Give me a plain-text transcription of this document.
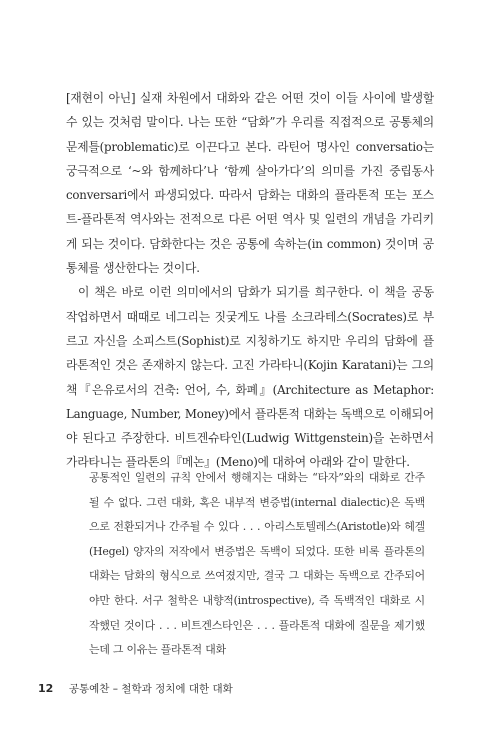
[재현이 아닌] 실재 차원에서 대화와 같은 어떤 것이 이들 사이에 발생할 수 있는 것처럼 말이다. 나는 또한 “담화”가 우리를 직접적으로 공통체의 문제틀(problematic)로 이끈다고 본다. 라틴어 명사인 conversatio는 궁극적으로 ‘~와 함께하다’나 ‘함께 살아가다’의 의미를 가진 중립동사 conversari에서 파생되었다. 따라서 담화는 대화의 플라톤적 또는 포스트-플라톤적 역사와는 전적으로 다른 어떤 역사 및 일련의 개념을 가리키게 되는 것이다. 담화한다는 것은 공통에 속하는(in common) 것이며 공통체를 생산한다는 것이다.

이 책은 바로 이런 의미에서의 담화가 되기를 희구한다. 이 책을 공동 작업하면서 때때로 네그리는 짓궂게도 나를 소크라테스(Socrates)로 부르고 자신을 소피스트(Sophist)로 지칭하기도 하지만 우리의 담화에 플라톤적인 것은 존재하지 않는다. 고진 가라타니(Kojin Karatani)는 그의 책『은유로서의 건축: 언어, 수, 화폐』(Architecture as Metaphor: Language, Number, Money)에서 플라톤적 대화는 독백으로 이해되어야 된다고 주장한다. 비트겐슈타인(Ludwig Wittgenstein)을 논하면서 가라타니는 플라톤의『메논』(Meno)에 대하여 아래와 같이 말한다.

공통적인 일련의 규칙 안에서 행해지는 대화는 “타자”와의 대화로 간주될 수 없다. 그런 대화, 혹은 내부적 변증법(internal dialectic)은 독백으로 전환되거나 간주될 수 있다 . . . 아리스토텔레스(Aristotle)와 헤겔(Hegel) 양자의 저작에서 변증법은 독백이 되었다. 또한 비록 플라톤의 대화는 담화의 형식으로 쓰여졌지만, 결국 그 대화는 독백으로 간주되어야만 한다. 서구 철학은 내향적(introspective), 즉 독백적인 대화로 시작했던 것이다 . . . 비트겐스타인은 . . . 플라톤적 대화에 질문을 제기했는데 그 이유는 플라톤적 대화

12 공통예찬 – 철학과 정치에 대한 대화
